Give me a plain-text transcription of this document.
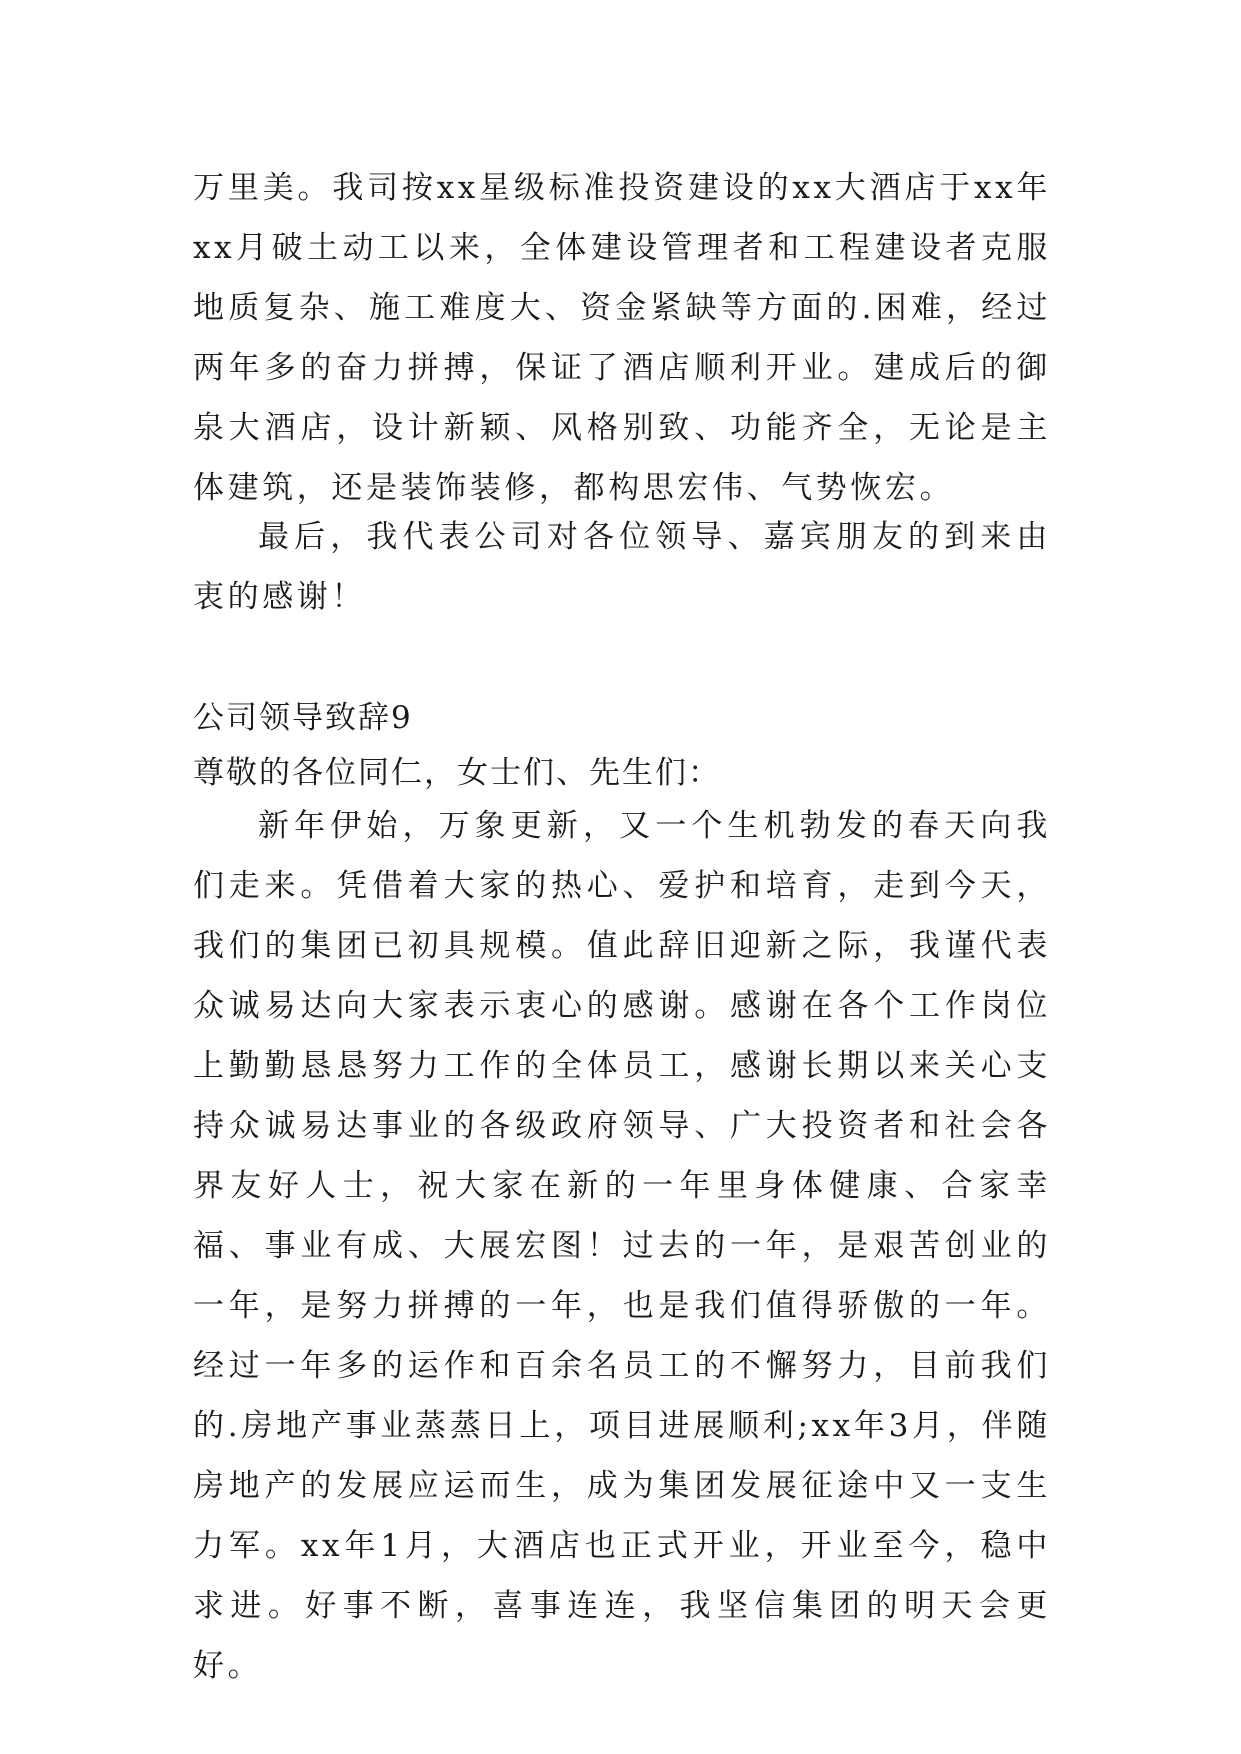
万里美。我司按xx星级标准投资建设的xx大酒店于xx年xx月破土动工以来，全体建设管理者和工程建设者克服地质复杂、施工难度大、资金紧缺等方面的.困难，经过两年多的奋力拼搏，保证了酒店顺利开业。建成后的御泉大酒店，设计新颖、风格别致、功能齐全，无论是主体建筑，还是装饰装修，都构思宏伟、气势恢宏。

最后，我代表公司对各位领导、嘉宾朋友的到来由衷的感谢！

公司领导致辞9

尊敬的各位同仁，女士们、先生们：

新年伊始，万象更新，又一个生机勃发的春天向我们走来。凭借着大家的热心、爱护和培育，走到今天，我们的集团已初具规模。值此辞旧迎新之际，我谨代表众诚易达向大家表示衷心的感谢。感谢在各个工作岗位上勤勤恳恳努力工作的全体员工，感谢长期以来关心支持众诚易达事业的各级政府领导、广大投资者和社会各界友好人士，祝大家在新的一年里身体健康、合家幸福、事业有成、大展宏图！过去的一年，是艰苦创业的一年，是努力拼搏的一年，也是我们值得骄傲的一年。经过一年多的运作和百余名员工的不懈努力，目前我们的.房地产事业蒸蒸日上，项目进展顺利;xx年3月，伴随房地产的发展应运而生，成为集团发展征途中又一支生力军。xx年1月，大酒店也正式开业，开业至今，稳中求进。好事不断，喜事连连，我坚信集团的明天会更好。
